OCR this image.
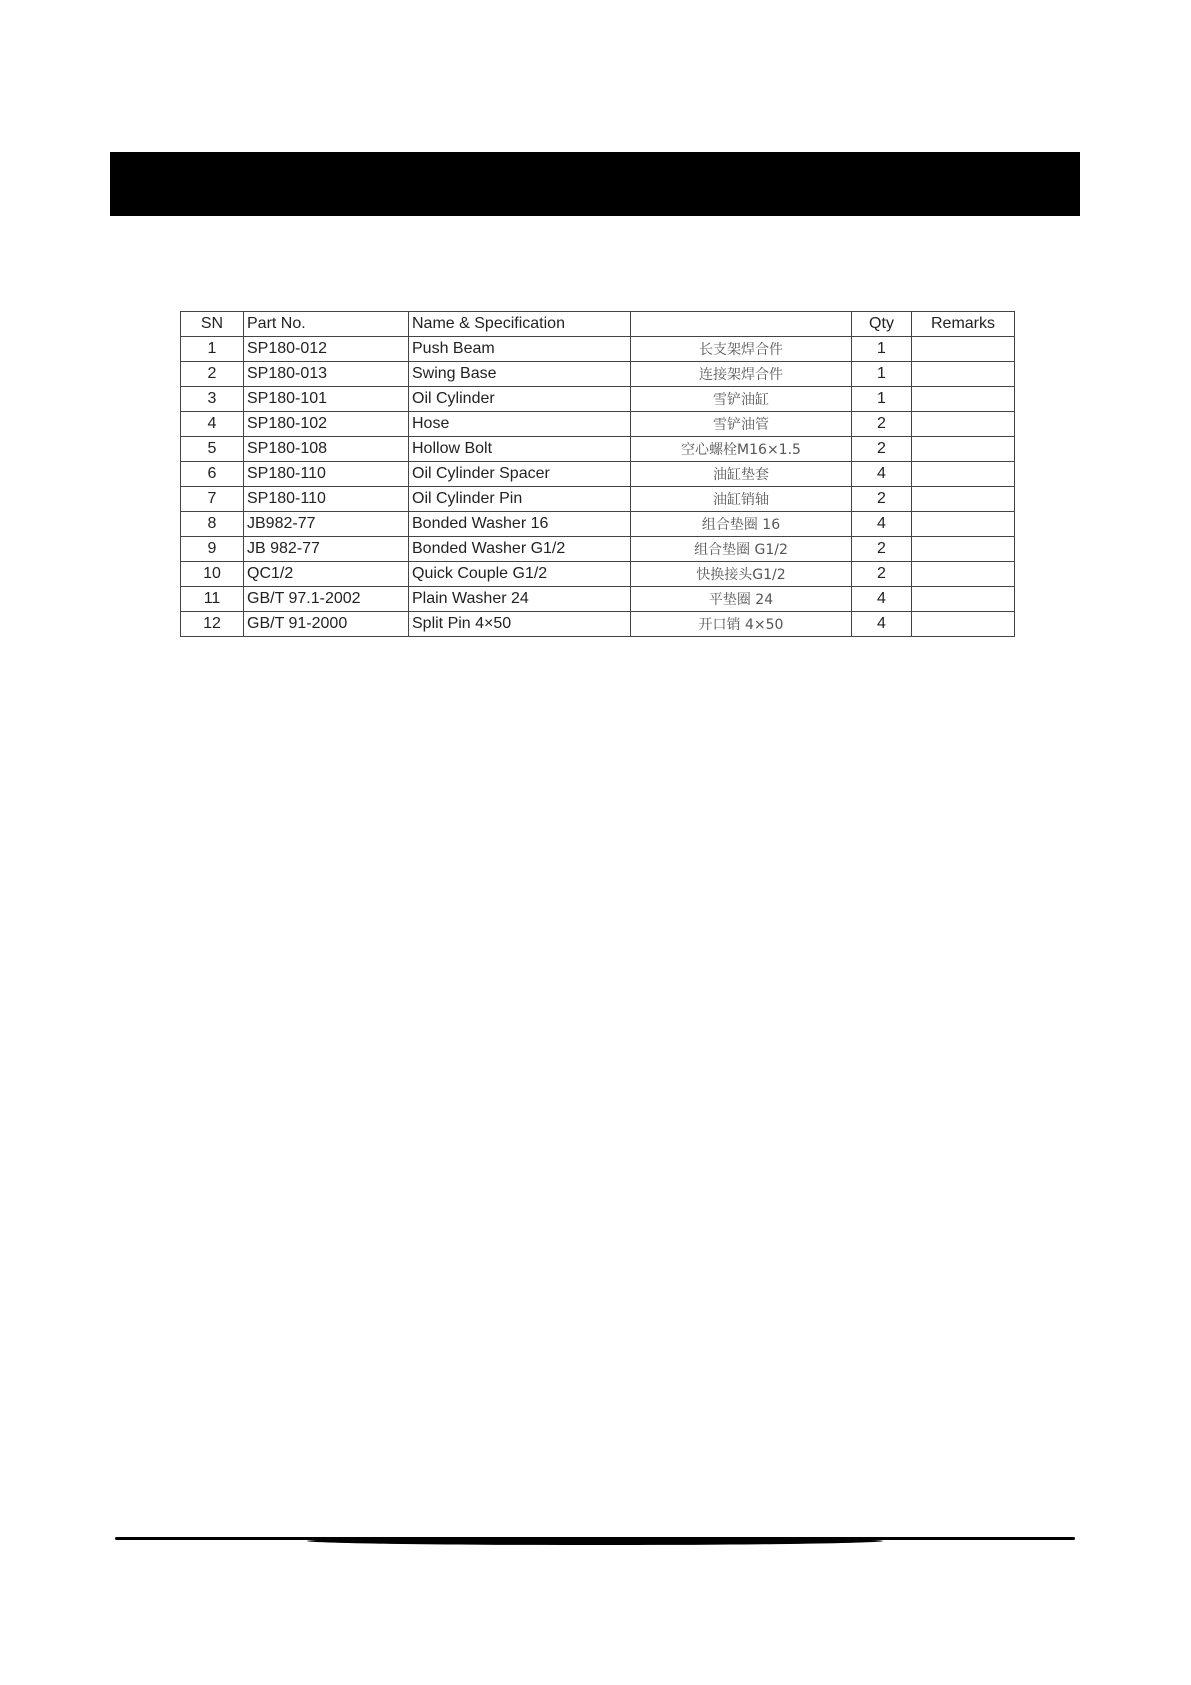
SN	Part No.	Name & Specification		Qty	Remarks
1	SP180-012	Push Beam	长支架焊合件	1	
2	SP180-013	Swing Base	连接架焊合件	1	
3	SP180-101	Oil Cylinder	雪铲油缸	1	
4	SP180-102	Hose	雪铲油管	2	
5	SP180-108	Hollow Bolt	空心螺栓M16×1.5	2	
6	SP180-110	Oil Cylinder Spacer	油缸垫套	4	
7	SP180-110	Oil Cylinder Pin	油缸销轴	2	
8	JB982-77	Bonded Washer 16	组合垫圈 16	4	
9	JB 982-77	Bonded Washer G1/2	组合垫圈 G1/2	2	
10	QC1/2	Quick Couple G1/2	快换接头G1/2	2	
11	GB/T 97.1-2002	Plain Washer 24	平垫圈 24	4	
12	GB/T 91-2000	Split Pin 4×50	开口销 4×50	4	
